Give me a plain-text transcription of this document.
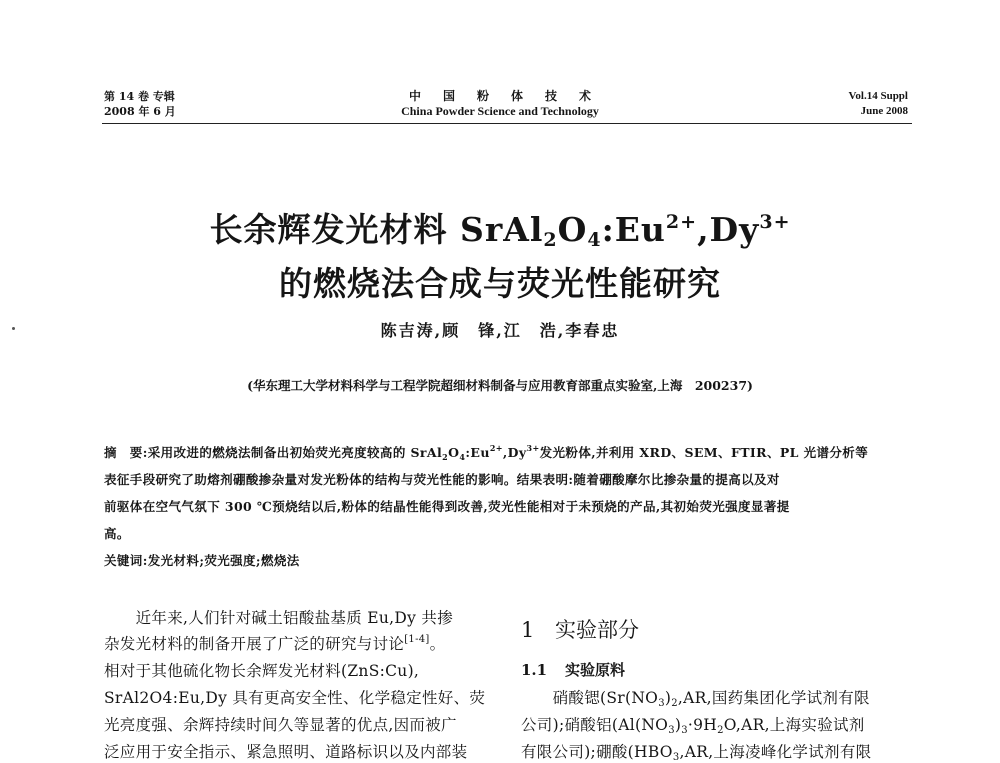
第 14 卷 专辑
2008 年 6 月
中国粉体技术
China Powder Science and Technology
Vol.14 Suppl
June 2008
长余辉发光材料 $SrAl_2O_4:Eu^{2+},Dy^{3+}$
的燃烧法合成与荧光性能研究
陈吉涛,顾　锋,江　浩,李春忠
(华东理工大学材料科学与工程学院超细材料制备与应用教育部重点实验室,上海　200237)
摘　要:采用改进的燃烧法制备出初始荧光亮度较高的 $SrAl_2O_4:Eu^{2+},Dy^{3+}$发光粉体,并利用 XRD、SEM、FTIR、PL 光谱分析等
表征手段研究了助熔剂硼酸掺杂量对发光粉体的结构与荧光性能的影响。结果表明:随着硼酸摩尔比掺杂量的提高以及对
前驱体在空气气氛下 300 ℃预烧结以后,粉体的结晶性能得到改善,荧光性能相对于未预烧的产品,其初始荧光强度显著提
高。
关键词:发光材料;荧光强度;燃烧法
　　近年来,人们针对碱土铝酸盐基质 Eu,Dy 共掺
杂发光材料的制备开展了广泛的研究与讨论[1-4]。
相对于其他硫化物长余辉发光材料(ZnS:Cu),
SrAl2O4:Eu,Dy 具有更高安全性、化学稳定性好、荧
光亮度强、余辉持续时间久等显著的优点,因而被广
泛应用于安全指示、紧急照明、道路标识以及内部装
1 实验部分
1.1 实验原料
　　硝酸锶($Sr(NO_3)_2,AR$,国药集团化学试剂有限
公司);硝酸铝($Al(NO_3)_3\cdot 9H_2O,AR$,上海实验试剂
有限公司);硼酸($HBO_3,AR$,上海凌峰化学试剂有限
